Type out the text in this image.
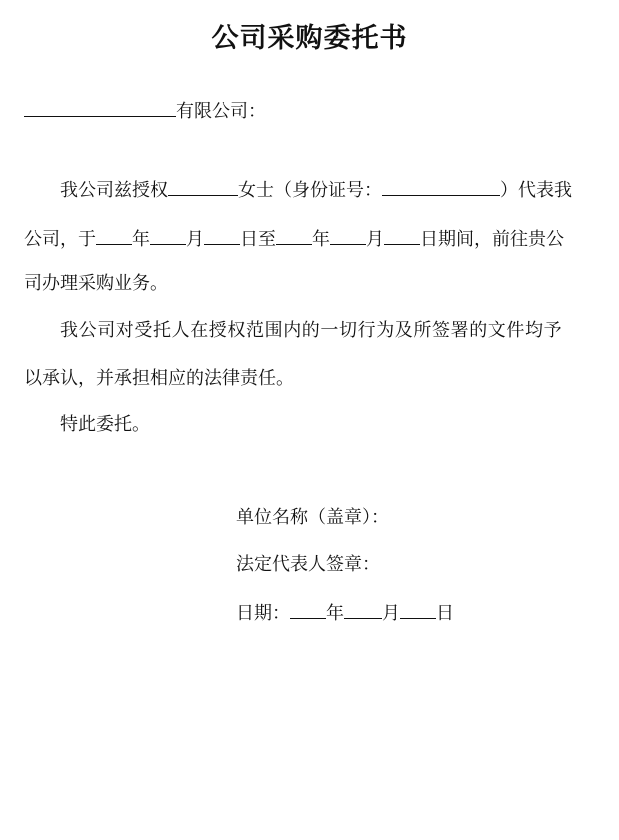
公司采购委托书
有限公司：
我公司兹授权	女士（身份证号：	）代表我
公司，于 年 月 日至 年 月 日期间，前往贵公
司办理采购业务。
我公司对受托人在授权范围内的一切行为及所签署的文件均予
以承认，并承担相应的法律责任。
特此委托。
单位名称（盖章）：
法定代表人签章：
日期： 年 月 日
